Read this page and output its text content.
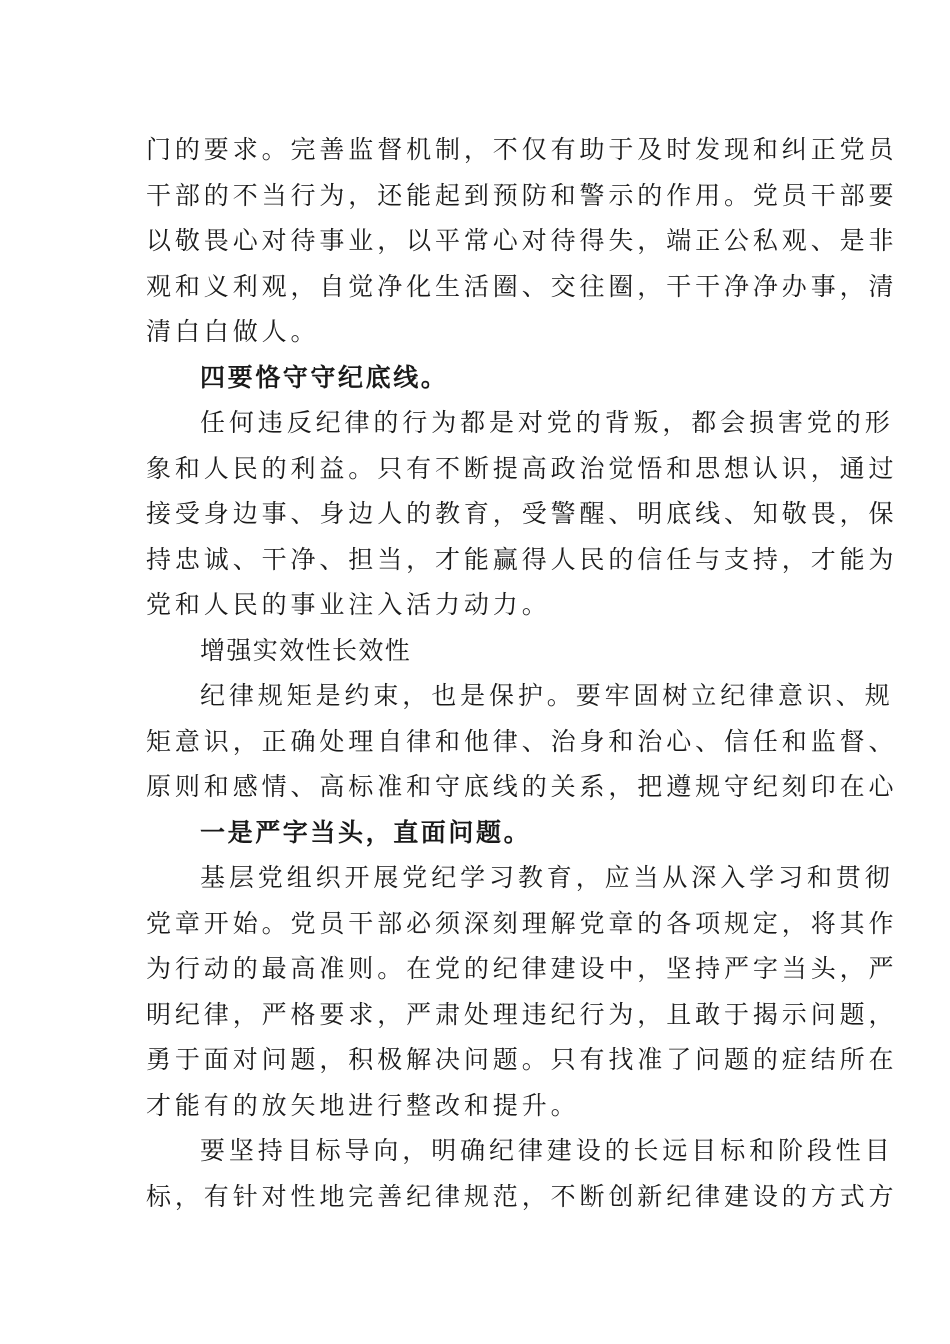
门的要求。完善监督机制，不仅有助于及时发现和纠正党员
干部的不当行为，还能起到预防和警示的作用。党员干部要
以敬畏心对待事业，以平常心对待得失，端正公私观、是非
观和义利观，自觉净化生活圈、交往圈，干干净净办事，清
清白白做人。
四要恪守守纪底线。
任何违反纪律的行为都是对党的背叛，都会损害党的形
象和人民的利益。只有不断提高政治觉悟和思想认识，通过
接受身边事、身边人的教育，受警醒、明底线、知敬畏，保
持忠诚、干净、担当，才能赢得人民的信任与支持，才能为
党和人民的事业注入活力动力。
增强实效性长效性
纪律规矩是约束，也是保护。要牢固树立纪律意识、规
矩意识，正确处理自律和他律、治身和治心、信任和监督、
原则和感情、高标准和守底线的关系，把遵规守纪刻印在心
一是严字当头，直面问题。
基层党组织开展党纪学习教育，应当从深入学习和贯彻
党章开始。党员干部必须深刻理解党章的各项规定，将其作
为行动的最高准则。在党的纪律建设中，坚持严字当头，严
明纪律，严格要求，严肃处理违纪行为，且敢于揭示问题，
勇于面对问题，积极解决问题。只有找准了问题的症结所在
才能有的放矢地进行整改和提升。
要坚持目标导向，明确纪律建设的长远目标和阶段性目
标，有针对性地完善纪律规范，不断创新纪律建设的方式方
